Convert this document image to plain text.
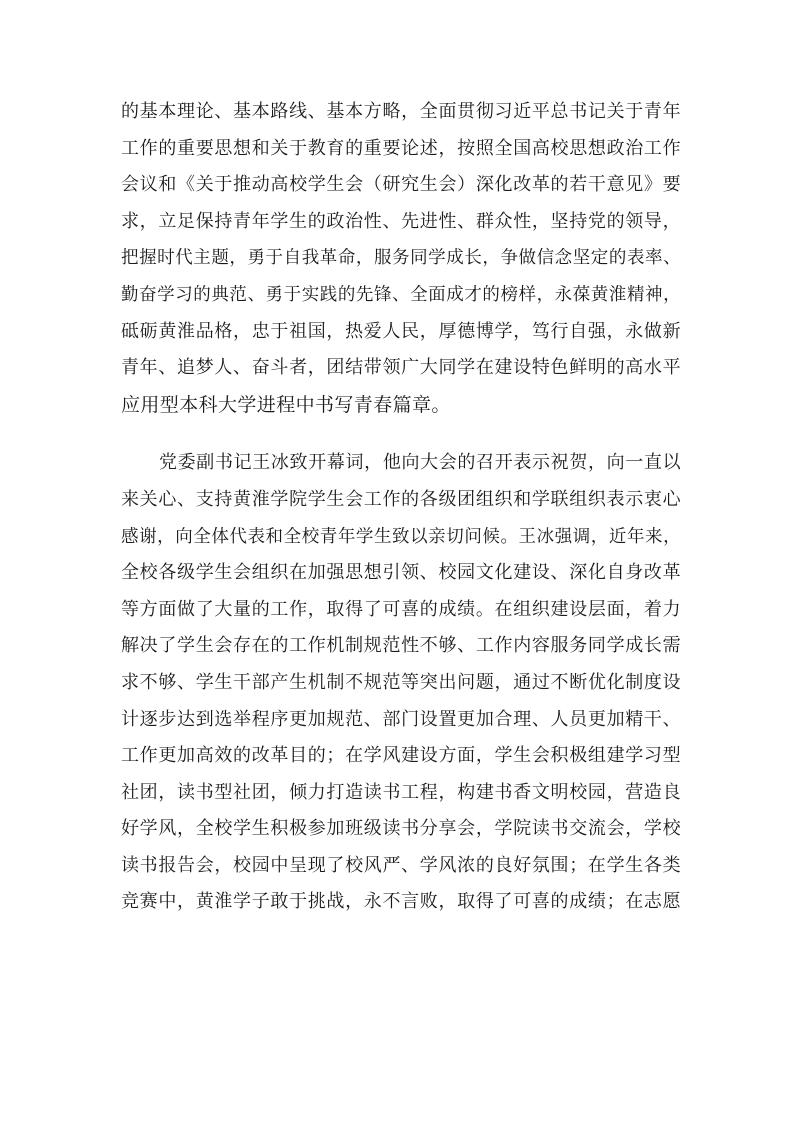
的基本理论、基本路线、基本方略，全面贯彻习近平总书记关于青年
工作的重要思想和关于教育的重要论述，按照全国高校思想政治工作
会议和《关于推动高校学生会（研究生会）深化改革的若干意见》要
求，立足保持青年学生的政治性、先进性、群众性，坚持党的领导，
把握时代主题，勇于自我革命，服务同学成长，争做信念坚定的表率、
勤奋学习的典范、勇于实践的先锋、全面成才的榜样，永葆黄淮精神，
砥砺黄淮品格，忠于祖国，热爱人民，厚德博学，笃行自强，永做新
青年、追梦人、奋斗者，团结带领广大同学在建设特色鲜明的高水平
应用型本科大学进程中书写青春篇章。

党委副书记王冰致开幕词，他向大会的召开表示祝贺，向一直以
来关心、支持黄淮学院学生会工作的各级团组织和学联组织表示衷心
感谢，向全体代表和全校青年学生致以亲切问候。王冰强调，近年来，
全校各级学生会组织在加强思想引领、校园文化建设、深化自身改革
等方面做了大量的工作，取得了可喜的成绩。在组织建设层面，着力
解决了学生会存在的工作机制规范性不够、工作内容服务同学成长需
求不够、学生干部产生机制不规范等突出问题，通过不断优化制度设
计逐步达到选举程序更加规范、部门设置更加合理、人员更加精干、
工作更加高效的改革目的；在学风建设方面，学生会积极组建学习型
社团，读书型社团，倾力打造读书工程，构建书香文明校园，营造良
好学风，全校学生积极参加班级读书分享会，学院读书交流会，学校
读书报告会，校园中呈现了校风严、学风浓的良好氛围；在学生各类
竞赛中，黄淮学子敢于挑战，永不言败，取得了可喜的成绩；在志愿
